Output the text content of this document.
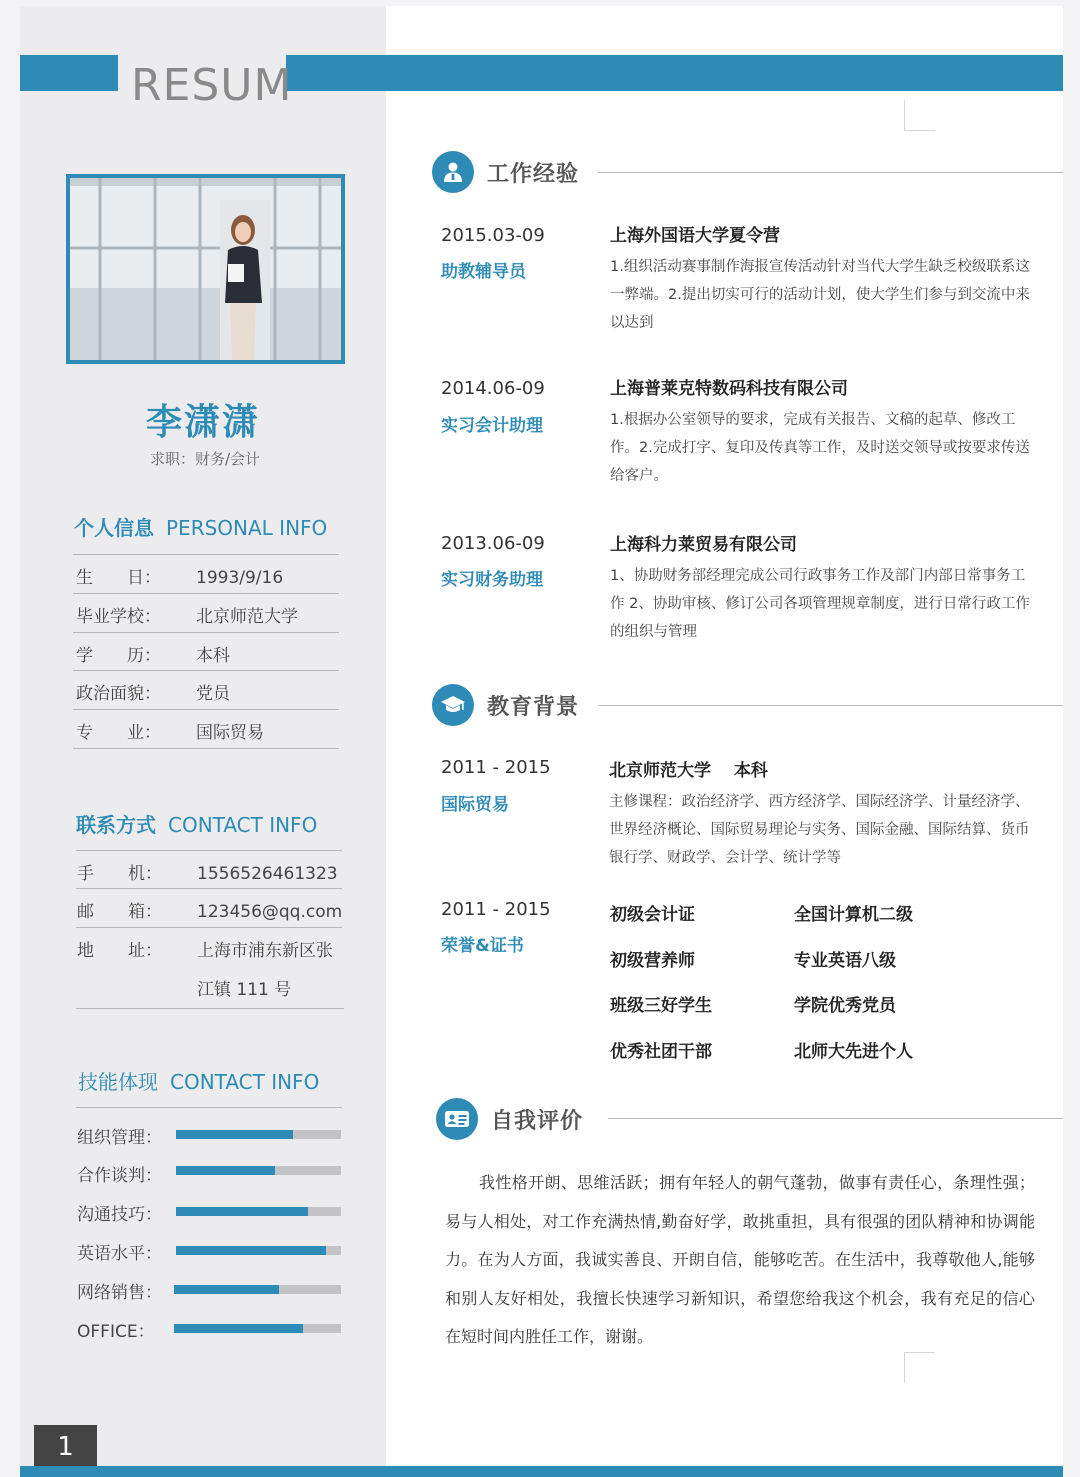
RESUM
李潇潇
求职：财务/会计
个人信息 PERSONAL INFO
生　　日： 1993/9/16
毕业学校： 北京师范大学
学　　历： 本科
政治面貌： 党员
专　　业： 国际贸易
联系方式 CONTACT INFO
手　　机： 1556526461323
邮　　箱： 123456@qq.com
地　　址： 上海市浦东新区张
江镇 111 号
技能体现 CONTACT INFO
组织管理：
合作谈判：
沟通技巧：
英语水平：
网络销售：
OFFICE：
1
工作经验
2015.03-09
助教辅导员
上海外国语大学夏令营
1.组织活动赛事制作海报宣传活动针对当代大学生缺乏校级联系这一弊端。2.提出切实可行的活动计划，使大学生们参与到交流中来以达到
2014.06-09
实习会计助理
上海普莱克特数码科技有限公司
1.根据办公室领导的要求，完成有关报告、文稿的起草、修改工作。2.完成打字、复印及传真等工作，及时送交领导或按要求传送给客户。
2013.06-09
实习财务助理
上海科力莱贸易有限公司
1、协助财务部经理完成公司行政事务工作及部门内部日常事务工作 2、协助审核、修订公司各项管理规章制度，进行日常行政工作的组织与管理
教育背景
2011 - 2015
国际贸易
北京师范大学　 本科
主修课程：政治经济学、西方经济学、国际经济学、计量经济学、世界经济概论、国际贸易理论与实务、国际金融、国际结算、货币银行学、财政学、会计学、统计学等
2011 - 2015
荣誉&证书
初级会计证	全国计算机二级
初级营养师	专业英语八级
班级三好学生	学院优秀党员
优秀社团干部	北师大先进个人
自我评价
我性格开朗、思维活跃；拥有年轻人的朝气蓬勃，做事有责任心，条理性强；易与人相处，对工作充满热情,勤奋好学，敢挑重担，具有很强的团队精神和协调能力。在为人方面，我诚实善良、开朗自信，能够吃苦。在生活中，我尊敬他人,能够和别人友好相处，我擅长快速学习新知识，希望您给我这个机会，我有充足的信心在短时间内胜任工作，谢谢。
